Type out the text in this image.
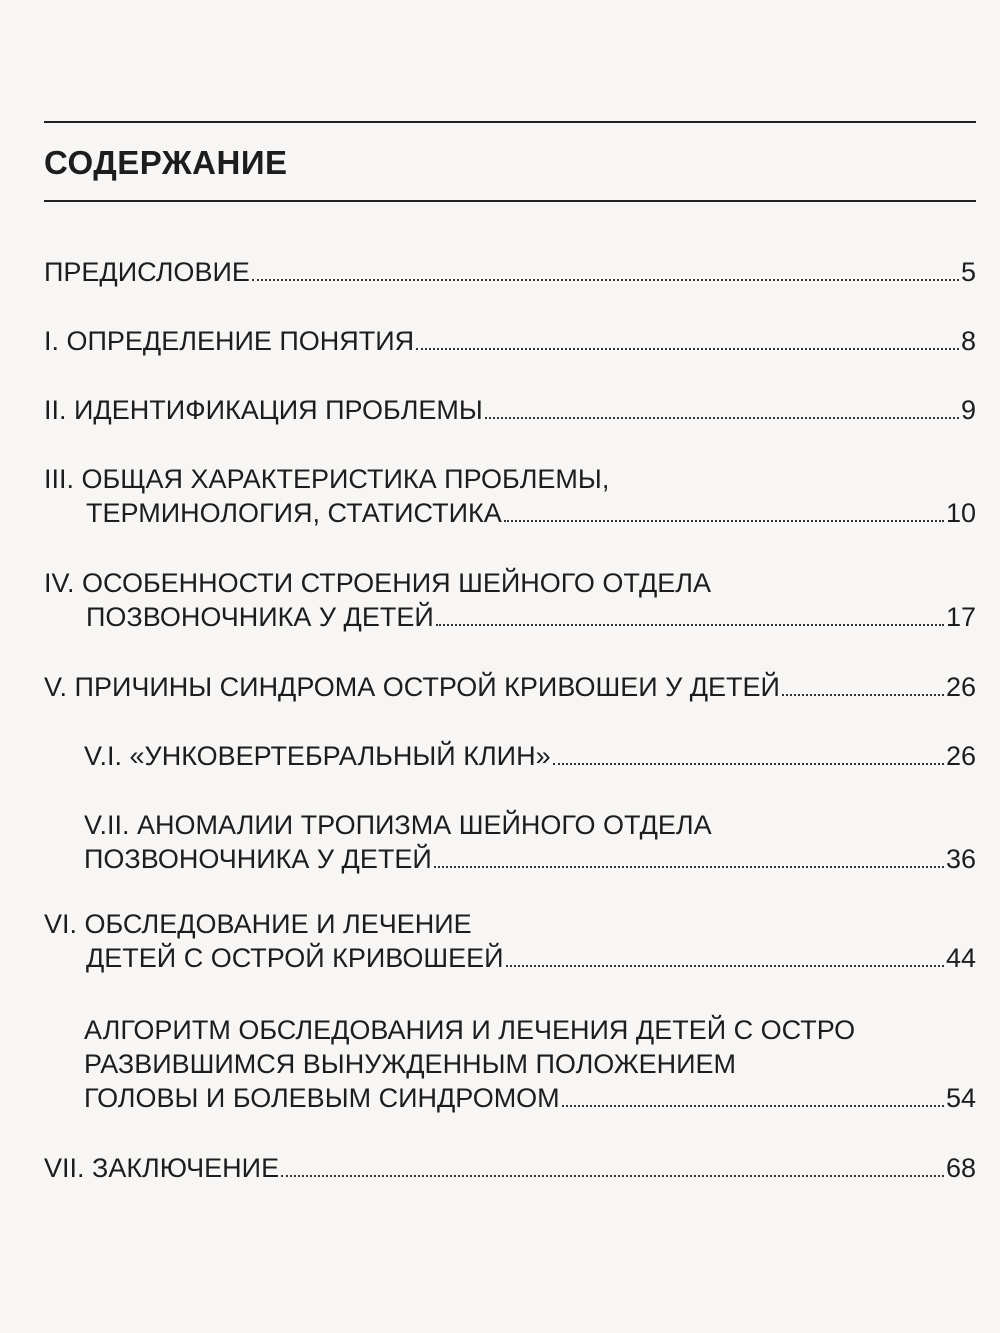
СОДЕРЖАНИЕ
ПРЕДИСЛОВИЕ	5
I. ОПРЕДЕЛЕНИЕ ПОНЯТИЯ	8
II. ИДЕНТИФИКАЦИЯ ПРОБЛЕМЫ	9
III. ОБЩАЯ ХАРАКТЕРИСТИКА ПРОБЛЕМЫ,
ТЕРМИНОЛОГИЯ, СТАТИСТИКА	10
IV. ОСОБЕННОСТИ СТРОЕНИЯ ШЕЙНОГО ОТДЕЛА
ПОЗВОНОЧНИКА У ДЕТЕЙ	17
V. ПРИЧИНЫ СИНДРОМА ОСТРОЙ КРИВОШЕИ У ДЕТЕЙ	26
V.I. «УНКОВЕРТЕБРАЛЬНЫЙ КЛИН»	26
V.II. АНОМАЛИИ ТРОПИЗМА ШЕЙНОГО ОТДЕЛА
ПОЗВОНОЧНИКА У ДЕТЕЙ	36
VI. ОБСЛЕДОВАНИЕ И ЛЕЧЕНИЕ
ДЕТЕЙ С ОСТРОЙ КРИВОШЕЕЙ	44
АЛГОРИТМ ОБСЛЕДОВАНИЯ И ЛЕЧЕНИЯ ДЕТЕЙ С ОСТРО
РАЗВИВШИМСЯ ВЫНУЖДЕННЫМ ПОЛОЖЕНИЕМ
ГОЛОВЫ И БОЛЕВЫМ СИНДРОМОМ	54
VII. ЗАКЛЮЧЕНИЕ	68
